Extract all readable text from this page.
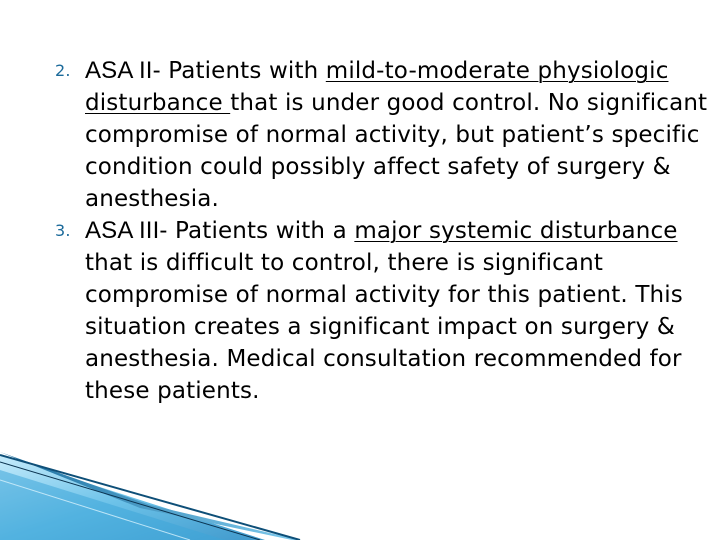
2. ASA II- Patients with mild-to-moderate physiologic disturbance that is under good control. No significant compromise of normal activity, but patient’s specific condition could possibly affect safety of surgery & anesthesia.
3. ASA III- Patients with a major systemic disturbance that is difficult to control, there is significant compromise of normal activity for this patient. This situation creates a significant impact on surgery & anesthesia. Medical consultation recommended for these patients.
